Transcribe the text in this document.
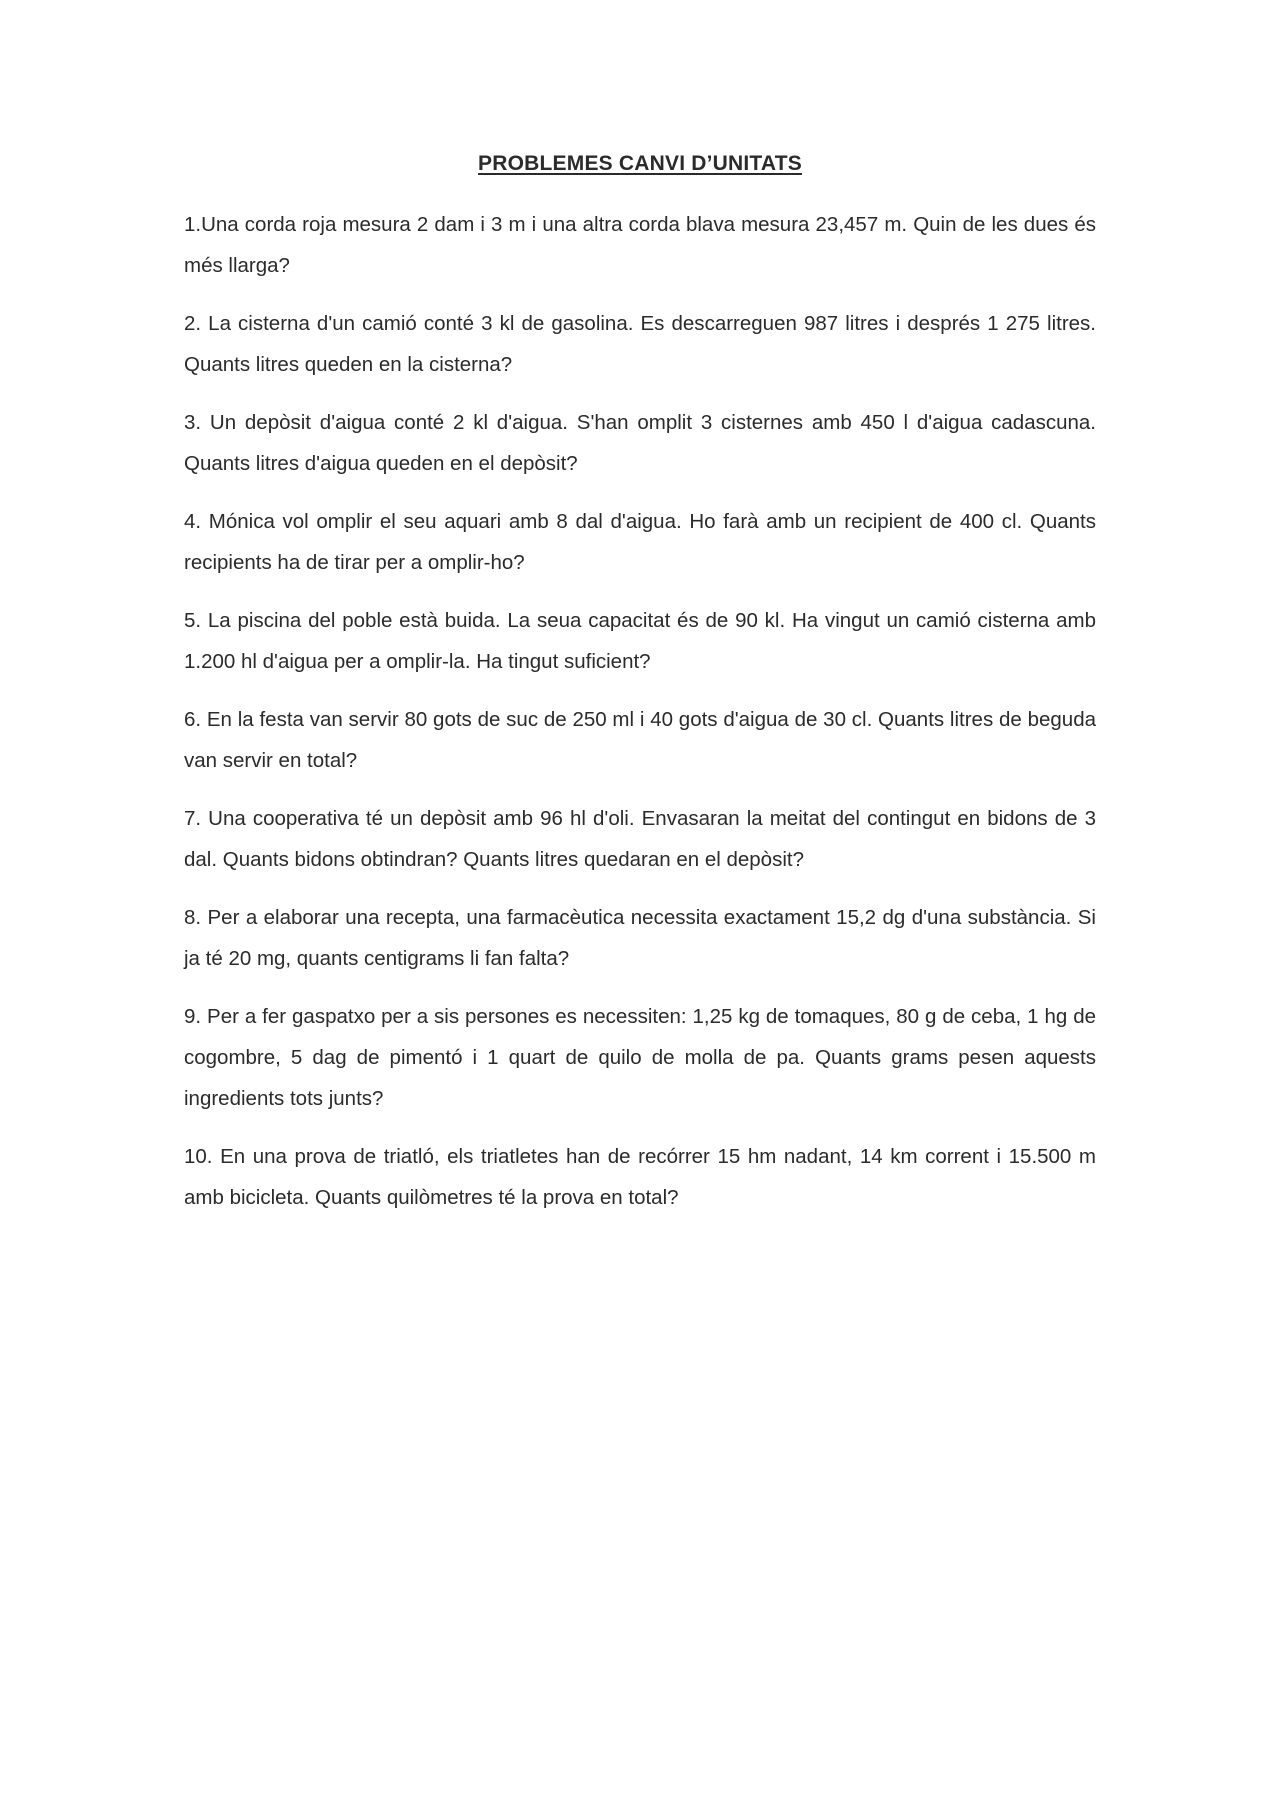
PROBLEMES CANVI D’UNITATS

1.Una corda roja mesura 2 dam i 3 m i una altra corda blava mesura 23,457 m. Quin de les dues és més llarga?

2. La cisterna d'un camió conté 3 kl de gasolina. Es descarreguen 987 litres i després 1 275 litres. Quants litres queden en la cisterna?

3. Un depòsit d'aigua conté 2 kl d'aigua. S'han omplit 3 cisternes amb 450 l d'aigua cadascuna. Quants litres d'aigua queden en el depòsit?

4. Mónica vol omplir el seu aquari amb 8 dal d'aigua. Ho farà amb un recipient de 400 cl. Quants recipients ha de tirar per a omplir-ho?

5. La piscina del poble està buida. La seua capacitat és de 90 kl. Ha vingut un camió cisterna amb 1.200 hl d'aigua per a omplir-la. Ha tingut suficient?

6. En la festa van servir 80 gots de suc de 250 ml i 40 gots d'aigua de 30 cl. Quants litres de beguda van servir en total?

7. Una cooperativa té un depòsit amb 96 hl d'oli. Envasaran la meitat del contingut en bidons de 3 dal. Quants bidons obtindran? Quants litres quedaran en el depòsit?

8. Per a elaborar una recepta, una farmacèutica necessita exactament 15,2 dg d'una substància. Si ja té 20 mg, quants centigrams li fan falta?

9. Per a fer gaspatxo per a sis persones es necessiten: 1,25 kg de tomaques, 80 g de ceba, 1 hg de cogombre, 5 dag de pimentó i 1 quart de quilo de molla de pa. Quants grams pesen aquests ingredients tots junts?

10. En una prova de triatló, els triatletes han de recórrer 15 hm nadant, 14 km corrent i 15.500 m amb bicicleta. Quants quilòmetres té la prova en total?
